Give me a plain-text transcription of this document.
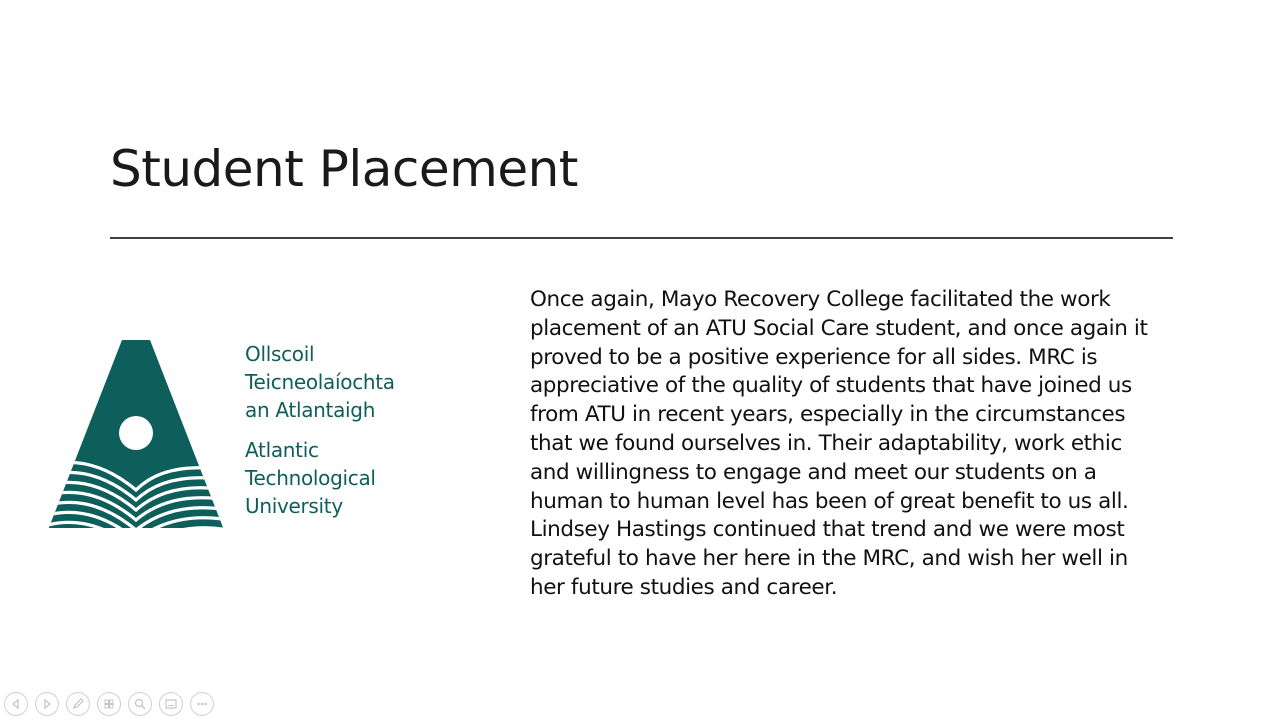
Student Placement
Ollscoil
Teicneolaíochta
an Atlantaigh
Atlantic
Technological
University
Once again, Mayo Recovery College facilitated the work
placement of an ATU Social Care student, and once again it
proved to be a positive experience for all sides. MRC is
appreciative of the quality of students that have joined us
from ATU in recent years, especially in the circumstances
that we found ourselves in. Their adaptability, work ethic
and willingness to engage and meet our students on a
human to human level has been of great benefit to us all.
Lindsey Hastings continued that trend and we were most
grateful to have her here in the MRC, and wish her well in
her future studies and career.
